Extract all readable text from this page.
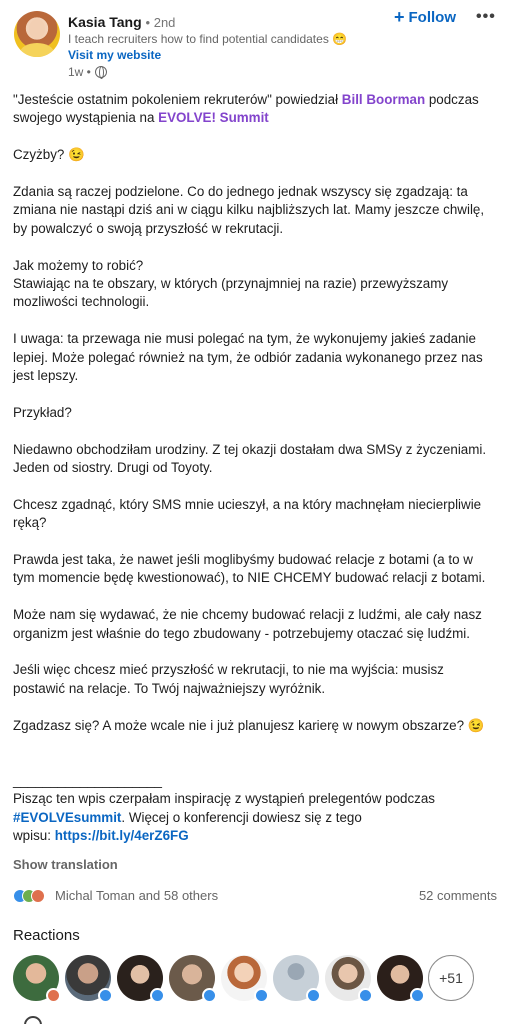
Kasia Tang • 2nd
I teach recruiters how to find potential candidates 😁
Visit my website
1w •
+ Follow •••

"Jesteście ostatnim pokoleniem rekruterów" powiedział Bill Boorman podczas swojego wystąpienia na EVOLVE! Summit

Czyżby? 😉

Zdania są raczej podzielone. Co do jednego jednak wszyscy się zgadzają: ta zmiana nie nastąpi dziś ani w ciągu kilku najbliższych lat. Mamy jeszcze chwilę, by powalczyć o swoją przyszłość w rekrutacji.

Jak możemy to robić?
Stawiając na te obszary, w których (przynajmniej na razie) przewyższamy mozliwości technologii.

I uwaga: ta przewaga nie musi polegać na tym, że wykonujemy jakieś zadanie lepiej. Może polegać również na tym, że odbiór zadania wykonanego przez nas jest lepszy.

Przykład?

Niedawno obchodziłam urodziny. Z tej okazji dostałam dwa SMSy z życzeniami.
Jeden od siostry. Drugi od Toyoty.

Chcesz zgadnąć, który SMS mnie ucieszył, a na który machnęłam niecierpliwie ręką?

Prawda jest taka, że nawet jeśli moglibyśmy budować relacje z botami (a to w tym momencie będę kwestionować), to NIE CHCEMY budować relacji z botami.

Może nam się wydawać, że nie chcemy budować relacji z ludźmi, ale cały nasz organizm jest właśnie do tego zbudowany - potrzebujemy otaczać się ludźmi.

Jeśli więc chcesz mieć przyszłość w rekrutacji, to nie ma wyjścia: musisz postawić na relacje. To Twój najważniejszy wyróżnik.

Zgadzasz się? A może wcale nie i już planujesz karierę w nowym obszarze? 😉

____________________
Pisząc ten wpis czerpałam inspirację z wystąpień prelegentów podczas
#EVOLVEsummit. Więcej o konferencji dowiesz się z tego
wpisu: https://bit.ly/4erZ6FG

Show translation
Michal Toman and 58 others	52 comments
Reactions
+51
